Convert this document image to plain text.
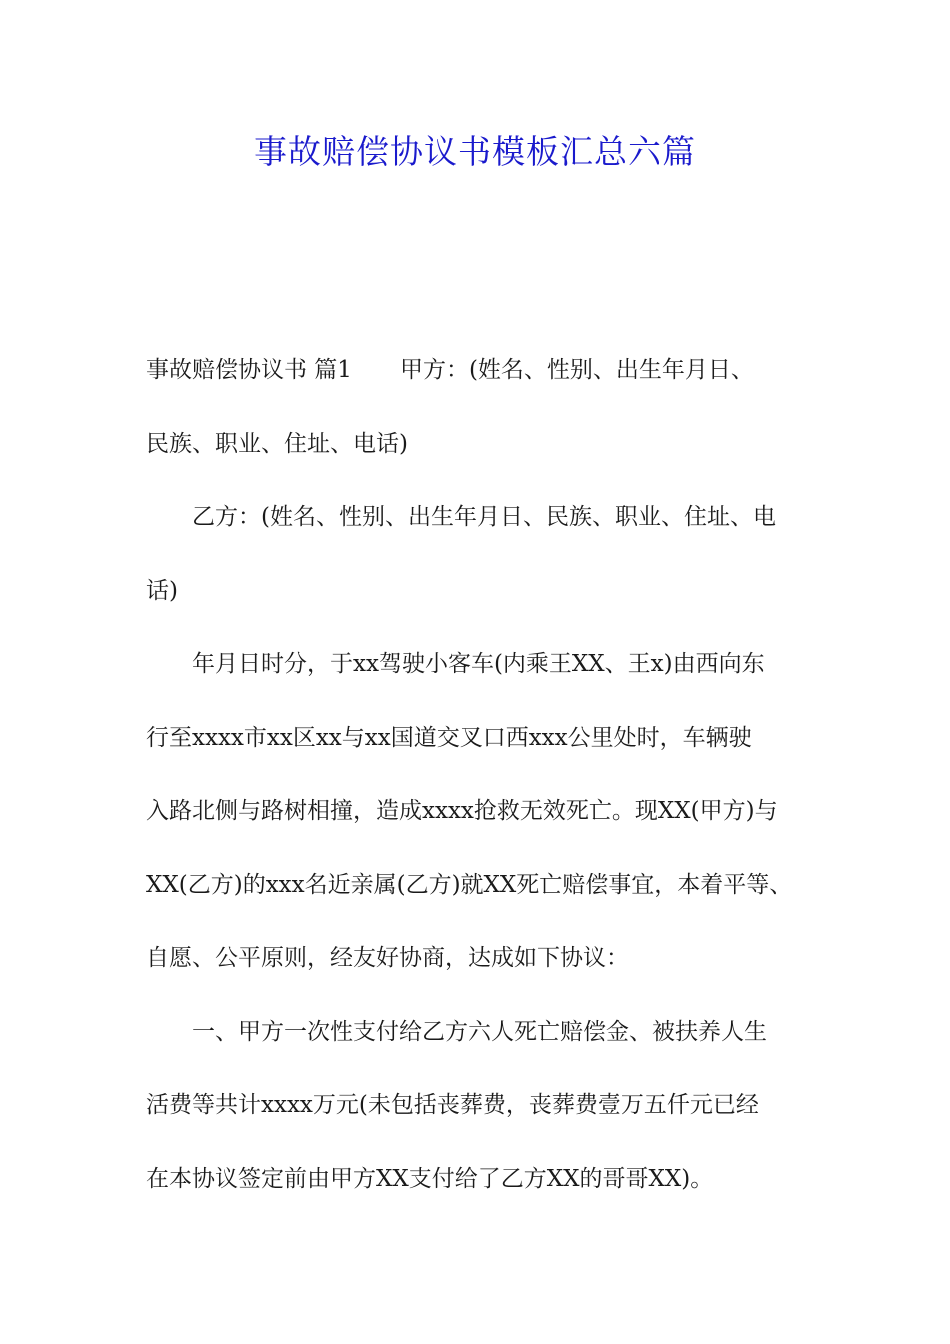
事故赔偿协议书模板汇总六篇
事故赔偿协议书 篇1 甲方：(姓名、性别、出生年月日、
民族、职业、住址、电话)
乙方：(姓名、性别、出生年月日、民族、职业、住址、电
话)
年月日时分，于xx驾驶小客车(内乘王XX、王x)由西向东
行至xxxx市xx区xx与xx国道交叉口西xxx公里处时，车辆驶
入路北侧与路树相撞，造成xxxx抢救无效死亡。现XX(甲方)与
XX(乙方)的xxx名近亲属(乙方)就XX死亡赔偿事宜，本着平等、
自愿、公平原则，经友好协商，达成如下协议：
一、甲方一次性支付给乙方六人死亡赔偿金、被扶养人生
活费等共计xxxx万元(未包括丧葬费，丧葬费壹万五仟元已经
在本协议签定前由甲方XX支付给了乙方XX的哥哥XX)。
